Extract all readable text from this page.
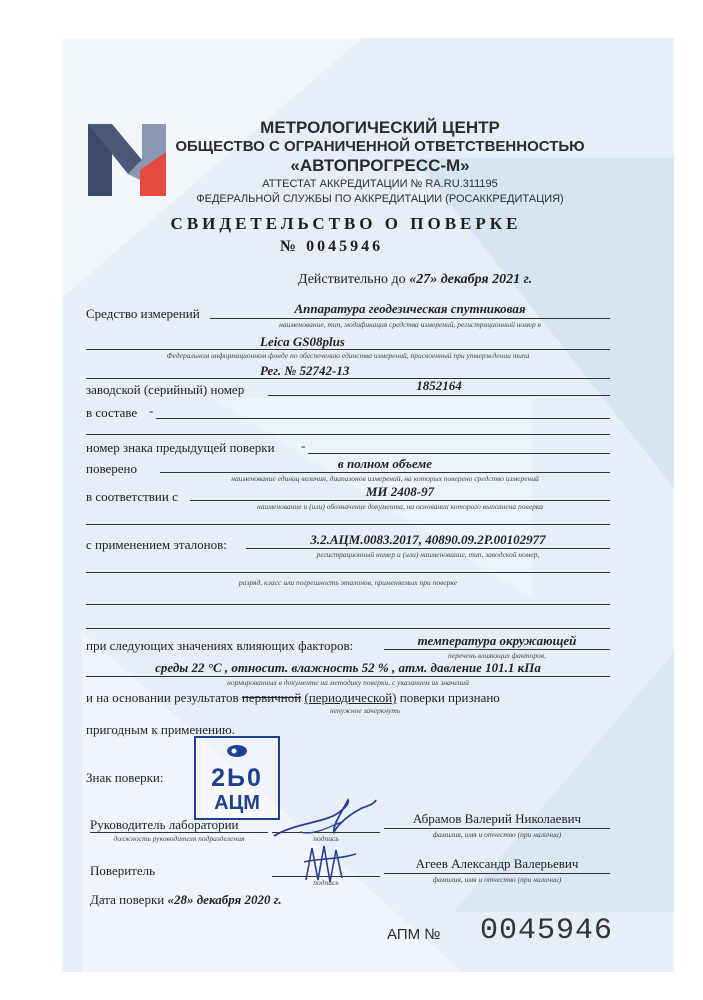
МЕТРОЛОГИЧЕСКИЙ ЦЕНТР
ОБЩЕСТВО С ОГРАНИЧЕННОЙ ОТВЕТСТВЕННОСТЬЮ
«АВТОПРОГРЕСС-М»
АТТЕСТАТ АККРЕДИТАЦИИ № RA.RU.311195
ФЕДЕРАЛЬНОЙ СЛУЖБЫ ПО АККРЕДИТАЦИИ (РОСАККРЕДИТАЦИЯ)
СВИДЕТЕЛЬСТВО О ПОВЕРКЕ
№ 0045946
Действительно до «27» декабря 2021 г.
Средство измерений	Аппаратура геодезическая спутниковая
наименование, тип, модификация средства измерений, регистрационный номер в
Leica GS08plus
Федеральном информационном фонде по обеспечению единства измерений, присвоенный при утверждении типа
Рег. № 52742-13
заводской (серийный) номер	1852164
в составе -
номер знака предыдущей поверки -
поверено	в полном объеме
наименование единиц величин, диапазонов измерений, на которых поверено средство измерений
в соответствии с	МИ 2408-97
наименование и (или) обозначение документа, на основании которого выполнена поверка
с применением эталонов:	3.2.АЦМ.0083.2017, 40890.09.2Р.00102977
регистрационный номер и (или) наименование, тип, заводской номер,
разряд, класс или погрешность эталонов, применяемых при поверке
при следующих значениях влияющих факторов:	температура окружающей
перечень влияющих факторов,
среды 22 °С , относит. влажность 52 % , атм. давление 101.1 кПа
нормированных в документе на методику поверки, с указанием их значений
и на основании результатов первичной (периодической) поверки признано
ненужное зачеркнуть
пригодным к применению.
Знак поверки:	2Ь0
АЦМ
Руководитель лаборатории
должность руководителя подразделения	подпись
Абрамов Валерий Николаевич
фамилия, имя и отчество (при наличии)
Поверитель
подпись
Агеев Александр Валерьевич
фамилия, имя и отчество (при наличии)
Дата поверки «28» декабря 2020 г.
АПМ № 0045946
